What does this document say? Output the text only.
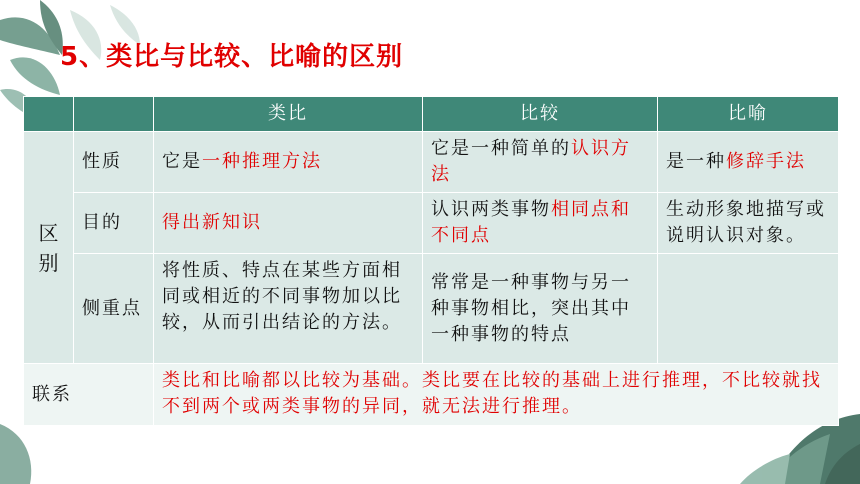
5、类比与比较、比喻的区别
		类比	比较	比喻
区别	性质	它是一种推理方法	它是一种简单的认识方法	是一种修辞手法
	目的	得出新知识	认识两类事物相同点和不同点	生动形象地描写或说明认识对象。
	侧重点	将性质、特点在某些方面相同或相近的不同事物加以比较，从而引出结论的方法。	常常是一种事物与另一种事物相比，突出其中一种事物的特点	
联系		类比和比喻都以比较为基础。类比要在比较的基础上进行推理，不比较就找不到两个或两类事物的异同，就无法进行推理。		
